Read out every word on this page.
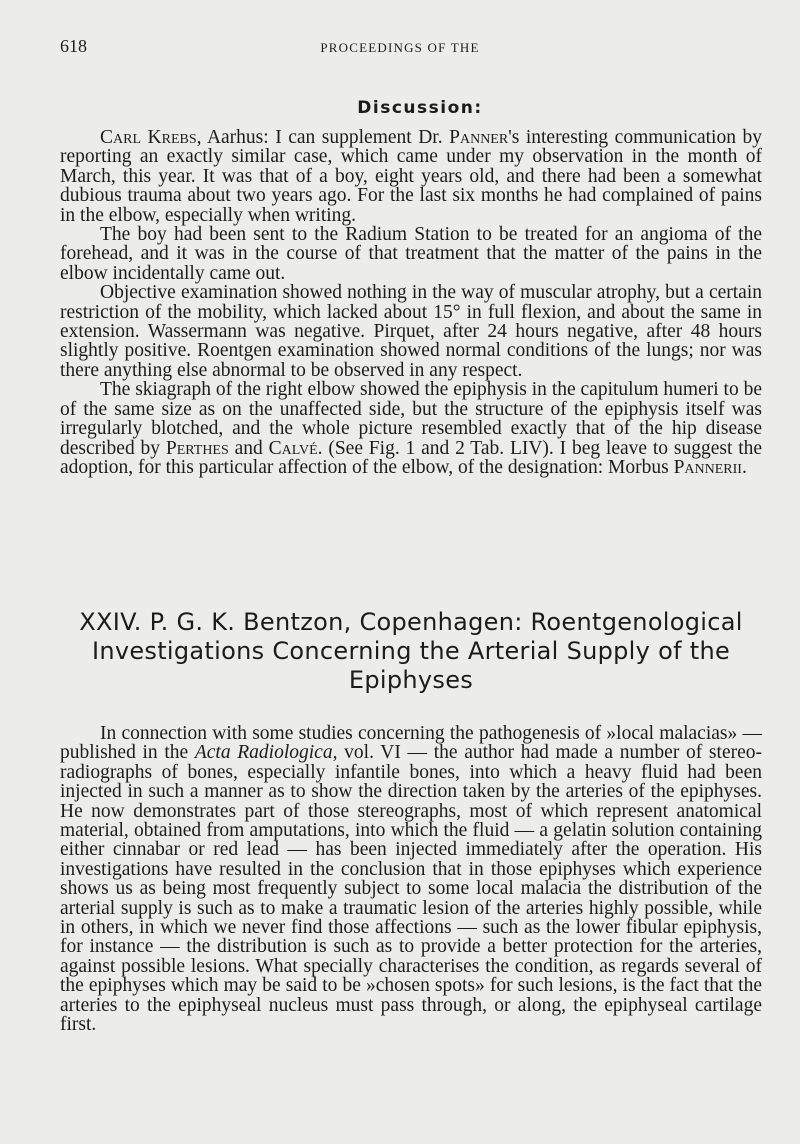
618	PROCEEDINGS OF THE
Discussion:

Carl Krebs, Aarhus: I can supplement Dr. Panner's interesting communication by reporting an exactly similar case, which came under my observation in the month of March, this year. It was that of a boy, eight years old, and there had been a somewhat dubious trauma about two years ago. For the last six months he had complained of pains in the elbow, especially when writing.

The boy had been sent to the Radium Station to be treated for an angioma of the forehead, and it was in the course of that treatment that the matter of the pains in the elbow incidentally came out.

Objective examination showed nothing in the way of muscular atrophy, but a certain restriction of the mobility, which lacked about 15° in full flexion, and about the same in extension. Wassermann was negative. Pirquet, after 24 hours negative, after 48 hours slightly positive. Roentgen examination showed normal conditions of the lungs; nor was there anything else abnormal to be observed in any respect.

The skiagraph of the right elbow showed the epiphysis in the capitulum humeri to be of the same size as on the unaffected side, but the structure of the epiphysis itself was irregularly blotched, and the whole picture resembled exactly that of the hip disease described by Perthes and Calvé. (See Fig. 1 and 2 Tab. LIV). I beg leave to suggest the adoption, for this particular affection of the elbow, of the designation: Morbus Pannerii.

XXIV. P. G. K. Bentzon, Copenhagen: Roentgenological Investigations Concerning the Arterial Supply of the Epiphyses

In connection with some studies concerning the pathogenesis of »local malacias» — published in the Acta Radiologica, vol. VI — the author had made a number of stereo-radiographs of bones, especially infantile bones, into which a heavy fluid had been injected in such a manner as to show the direction taken by the arteries of the epiphyses. He now demonstrates part of those stereographs, most of which represent anatomical material, obtained from amputations, into which the fluid — a gelatin solution containing either cinnabar or red lead — has been injected immediately after the operation. His investigations have resulted in the conclusion that in those epiphyses which experience shows us as being most frequently subject to some local malacia the distribution of the arterial supply is such as to make a traumatic lesion of the arteries highly possible, while in others, in which we never find those affections — such as the lower fibular epiphysis, for instance — the distribution is such as to provide a better protection for the arteries, against possible lesions. What specially characterises the condition, as regards several of the epiphyses which may be said to be »chosen spots» for such lesions, is the fact that the arteries to the epiphyseal nucleus must pass through, or along, the epiphyseal cartilage first.
